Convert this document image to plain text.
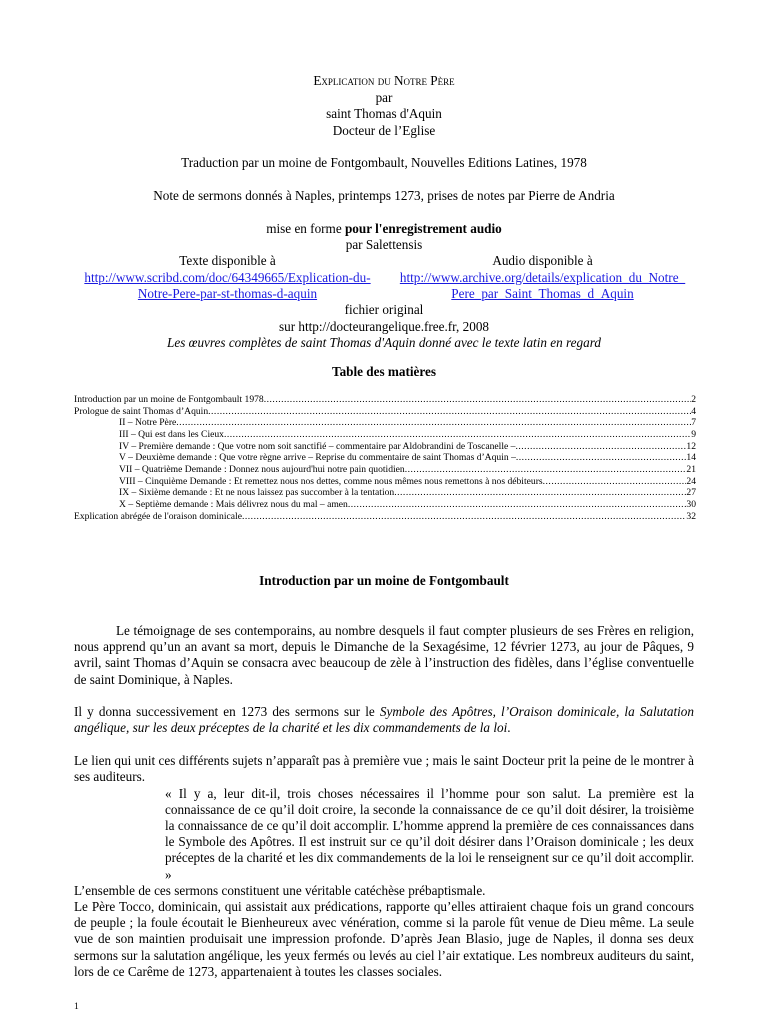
Explication du Notre Père
par
saint Thomas d'Aquin
Docteur de l’Eglise
Traduction par un moine de Fontgombault, Nouvelles Editions Latines, 1978
Note de sermons donnés à Naples, printemps 1273, prises de notes par Pierre de Andria
mise en forme pour l'enregistrement audio
par Salettensis
Texte disponible à
http://www.scribd.com/doc/64349665/Explication-du-
Notre-Pere-par-st-thomas-d-aquin
Audio disponible à
http://www.archive.org/details/explication_du_Notre_
Pere_par_Saint_Thomas_d_Aquin
fichier original
sur http://docteurangelique.free.fr, 2008
Les œuvres complètes de saint Thomas d'Aquin donné avec le texte latin en regard
Table des matières
Introduction par un moine de Fontgombault 1978 .....	2
Prologue de saint Thomas d’Aquin .....	4
II – Notre Père .....	7
III – Qui est dans les Cieux .....	9
IV – Première demande : Que votre nom soit sanctifié – commentaire par Aldobrandini de Toscanelle – .....	12
V – Deuxième demande : Que votre règne arrive – Reprise du commentaire de saint Thomas d’Aquin – .....	14
VII – Quatrième Demande : Donnez nous aujourd'hui notre pain quotidien .....	21
VIII – Cinquième Demande : Et remettez nous nos dettes, comme nous mêmes nous remettons à nos débiteurs .....	24
IX – Sixième demande : Et ne nous laissez pas succomber à la tentation .....	27
X – Septième demande : Mais délivrez nous du mal – amen .....	30
Explication abrégée de l'oraison dominicale .....	32
Introduction par un moine de Fontgombault

Le témoignage de ses contemporains, au nombre desquels il faut compter plusieurs de ses Frères en religion, nous apprend qu’un an avant sa mort, depuis le Dimanche de la Sexagésime, 12 février 1273, au jour de Pâques, 9 avril, saint Thomas d’Aquin se consacra avec beaucoup de zèle à l’instruction des fidèles, dans l’église conventuelle de saint Dominique, à Naples.

Il y donna successivement en 1273 des sermons sur le Symbole des Apôtres, l’Oraison dominicale, la Salutation angélique, sur les deux préceptes de la charité et les dix commandements de la loi.

Le lien qui unit ces différents sujets n’apparaît pas à première vue ; mais le saint Docteur prit la peine de le montrer à ses auditeurs.

« Il y a, leur dit-il, trois choses nécessaires il l’homme pour son salut. La première est la connaissance de ce qu’il doit croire, la seconde la connaissance de ce qu’il doit désirer, la troisième la connaissance de ce qu’il doit accomplir. L’homme apprend la première de ces connaissances dans le Symbole des Apôtres. Il est instruit sur ce qu’il doit désirer dans l’Oraison dominicale ; les deux préceptes de la charité et les dix commandements de la loi le renseignent sur ce qu’il doit accomplir. »

L’ensemble de ces sermons constituent une véritable catéchèse prébaptismale.

Le Père Tocco, dominicain, qui assistait aux prédications, rapporte qu’elles attiraient chaque fois un grand concours de peuple ; la foule écoutait le Bienheureux avec vénération, comme si la parole fût venue de Dieu même. La seule vue de son maintien produisait une impression profonde. D’après Jean Blasio, juge de Naples, il donna ses deux sermons sur la salutation angélique, les yeux fermés ou levés au ciel l’air extatique. Les nombreux auditeurs du saint, lors de ce Carême de 1273, appartenaient à toutes les classes sociales.

1
